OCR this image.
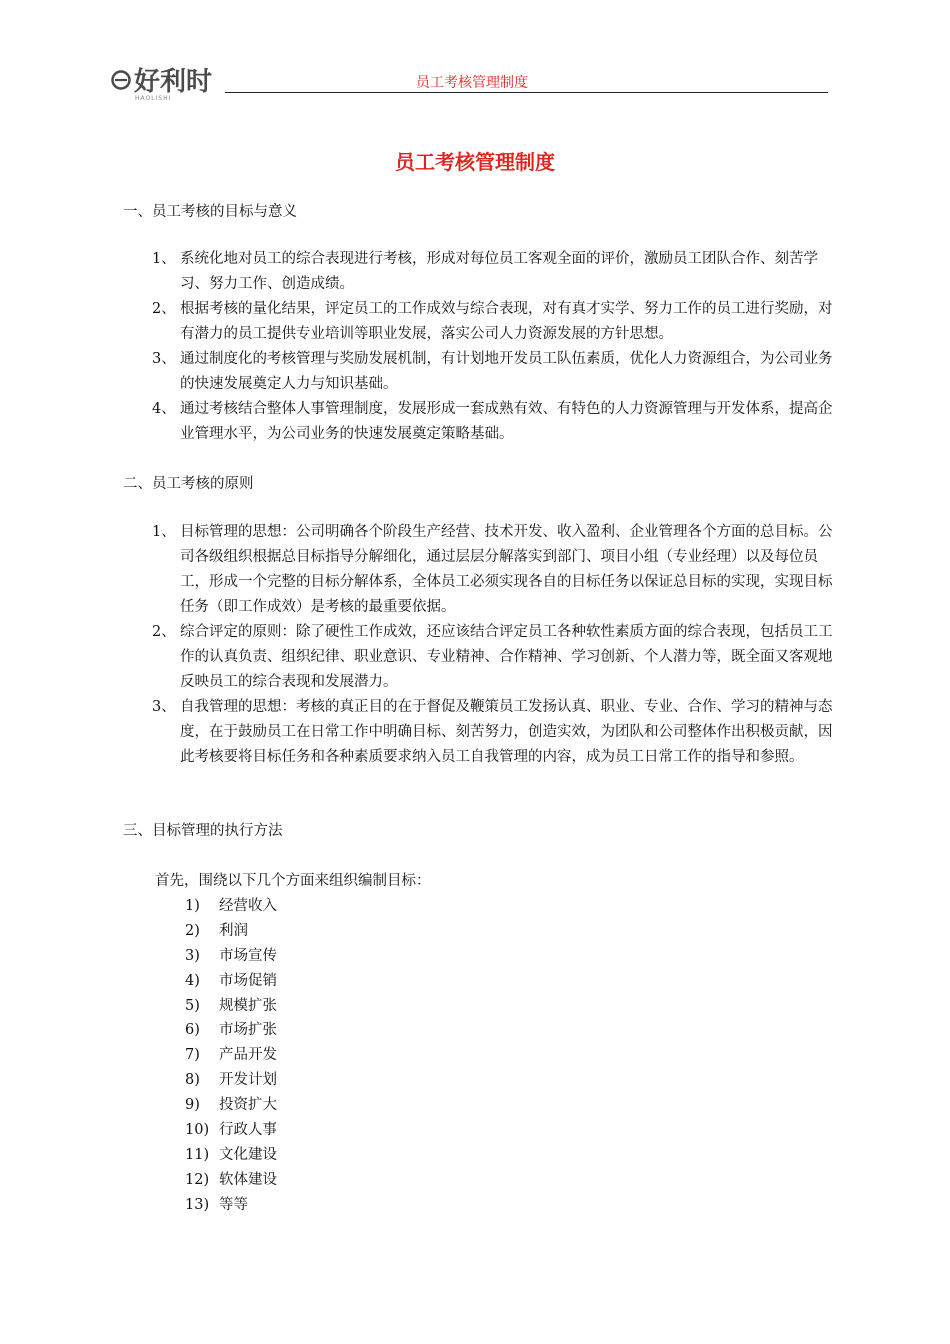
好利时
HAOLISHI
员工考核管理制度
员工考核管理制度
一、员工考核的目标与意义
1、 系统化地对员工的综合表现进行考核，形成对每位员工客观全面的评价，激励员工团队合作、刻苦学习、努力工作、创造成绩。
2、 根据考核的量化结果，评定员工的工作成效与综合表现，对有真才实学、努力工作的员工进行奖励，对有潜力的员工提供专业培训等职业发展，落实公司人力资源发展的方针思想。
3、 通过制度化的考核管理与奖励发展机制，有计划地开发员工队伍素质，优化人力资源组合，为公司业务的快速发展奠定人力与知识基础。
4、 通过考核结合整体人事管理制度，发展形成一套成熟有效、有特色的人力资源管理与开发体系，提高企业管理水平，为公司业务的快速发展奠定策略基础。
二、员工考核的原则
1、 目标管理的思想：公司明确各个阶段生产经营、技术开发、收入盈利、企业管理各个方面的总目标。公司各级组织根据总目标指导分解细化，通过层层分解落实到部门、项目小组（专业经理）以及每位员工，形成一个完整的目标分解体系，全体员工必须实现各自的目标任务以保证总目标的实现，实现目标任务（即工作成效）是考核的最重要依据。
2、 综合评定的原则：除了硬性工作成效，还应该结合评定员工各种软性素质方面的综合表现，包括员工工作的认真负责、组织纪律、职业意识、专业精神、合作精神、学习创新、个人潜力等，既全面又客观地反映员工的综合表现和发展潜力。
3、 自我管理的思想：考核的真正目的在于督促及鞭策员工发扬认真、职业、专业、合作、学习的精神与态度，在于鼓励员工在日常工作中明确目标、刻苦努力，创造实效，为团队和公司整体作出积极贡献，因此考核要将目标任务和各种素质要求纳入员工自我管理的内容，成为员工日常工作的指导和参照。
三、目标管理的执行方法
首先，围绕以下几个方面来组织编制目标：
1)	经营收入
2)	利润
3)	市场宣传
4)	市场促销
5)	规模扩张
6)	市场扩张
7)	产品开发
8)	开发计划
9)	投资扩大
10) 行政人事
11) 文化建设
12) 软体建设
13) 等等
